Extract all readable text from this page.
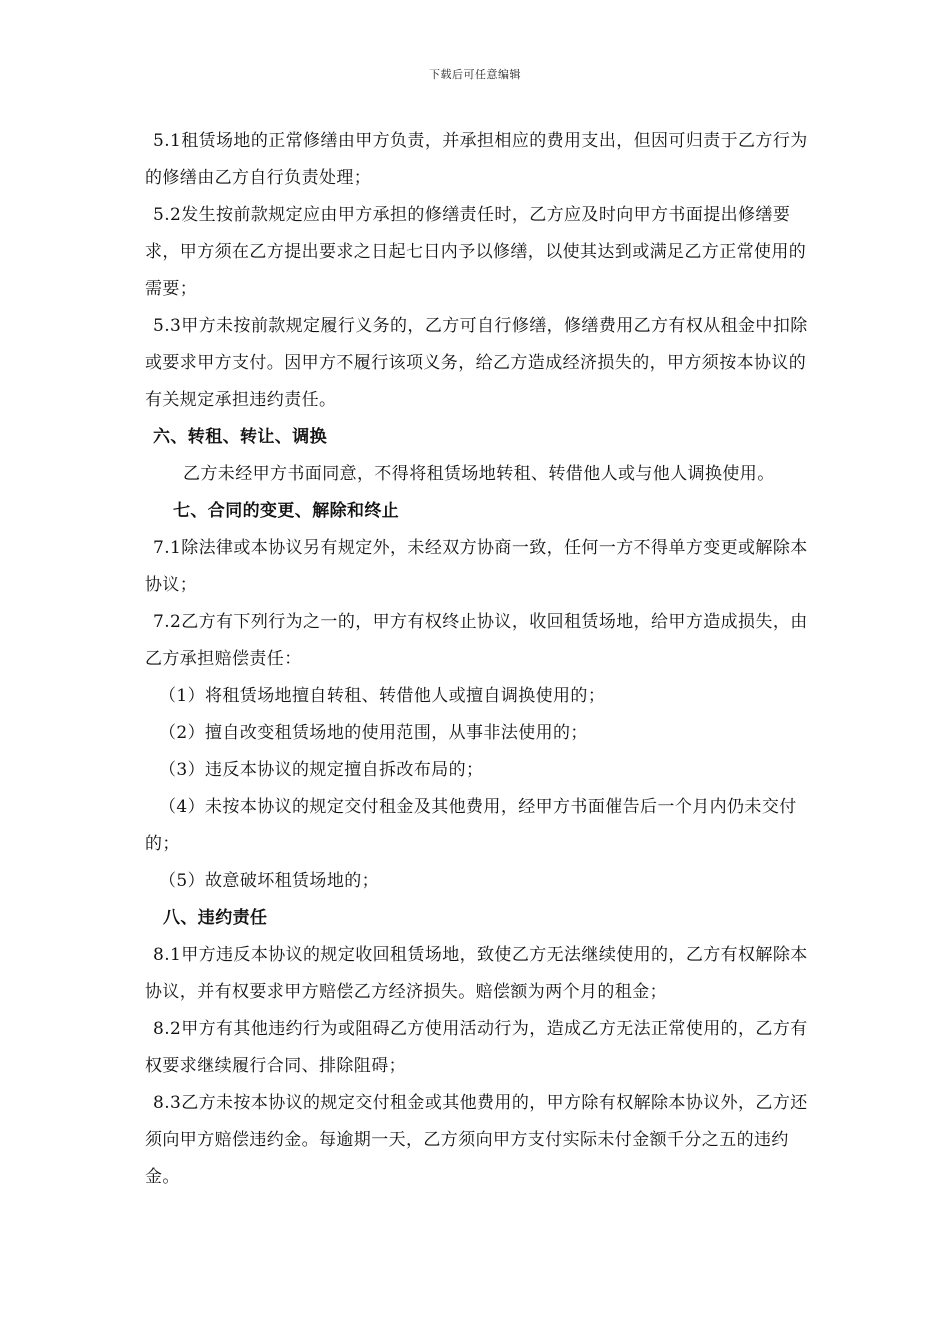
下载后可任意编辑

5.1租赁场地的正常修缮由甲方负责，并承担相应的费用支出，但因可归责于乙方行为的修缮由乙方自行负责处理；

5.2发生按前款规定应由甲方承担的修缮责任时，乙方应及时向甲方书面提出修缮要求，甲方须在乙方提出要求之日起七日内予以修缮，以使其达到或满足乙方正常使用的需要；

5.3甲方未按前款规定履行义务的，乙方可自行修缮，修缮费用乙方有权从租金中扣除或要求甲方支付。因甲方不履行该项义务，给乙方造成经济损失的，甲方须按本协议的有关规定承担违约责任。

六、转租、转让、调换

乙方未经甲方书面同意，不得将租赁场地转租、转借他人或与他人调换使用。

七、合同的变更、解除和终止

7.1除法律或本协议另有规定外，未经双方协商一致，任何一方不得单方变更或解除本协议；

7.2乙方有下列行为之一的，甲方有权终止协议，收回租赁场地，给甲方造成损失，由乙方承担赔偿责任：

（1）将租赁场地擅自转租、转借他人或擅自调换使用的；

（2）擅自改变租赁场地的使用范围，从事非法使用的；

（3）违反本协议的规定擅自拆改布局的；

（4）未按本协议的规定交付租金及其他费用，经甲方书面催告后一个月内仍未交付的；

（5）故意破坏租赁场地的；

八、违约责任

8.1甲方违反本协议的规定收回租赁场地，致使乙方无法继续使用的，乙方有权解除本协议，并有权要求甲方赔偿乙方经济损失。赔偿额为两个月的租金；

8.2甲方有其他违约行为或阻碍乙方使用活动行为，造成乙方无法正常使用的，乙方有权要求继续履行合同、排除阻碍；

8.3乙方未按本协议的规定交付租金或其他费用的，甲方除有权解除本协议外，乙方还须向甲方赔偿违约金。每逾期一天，乙方须向甲方支付实际未付金额千分之五的违约金。
